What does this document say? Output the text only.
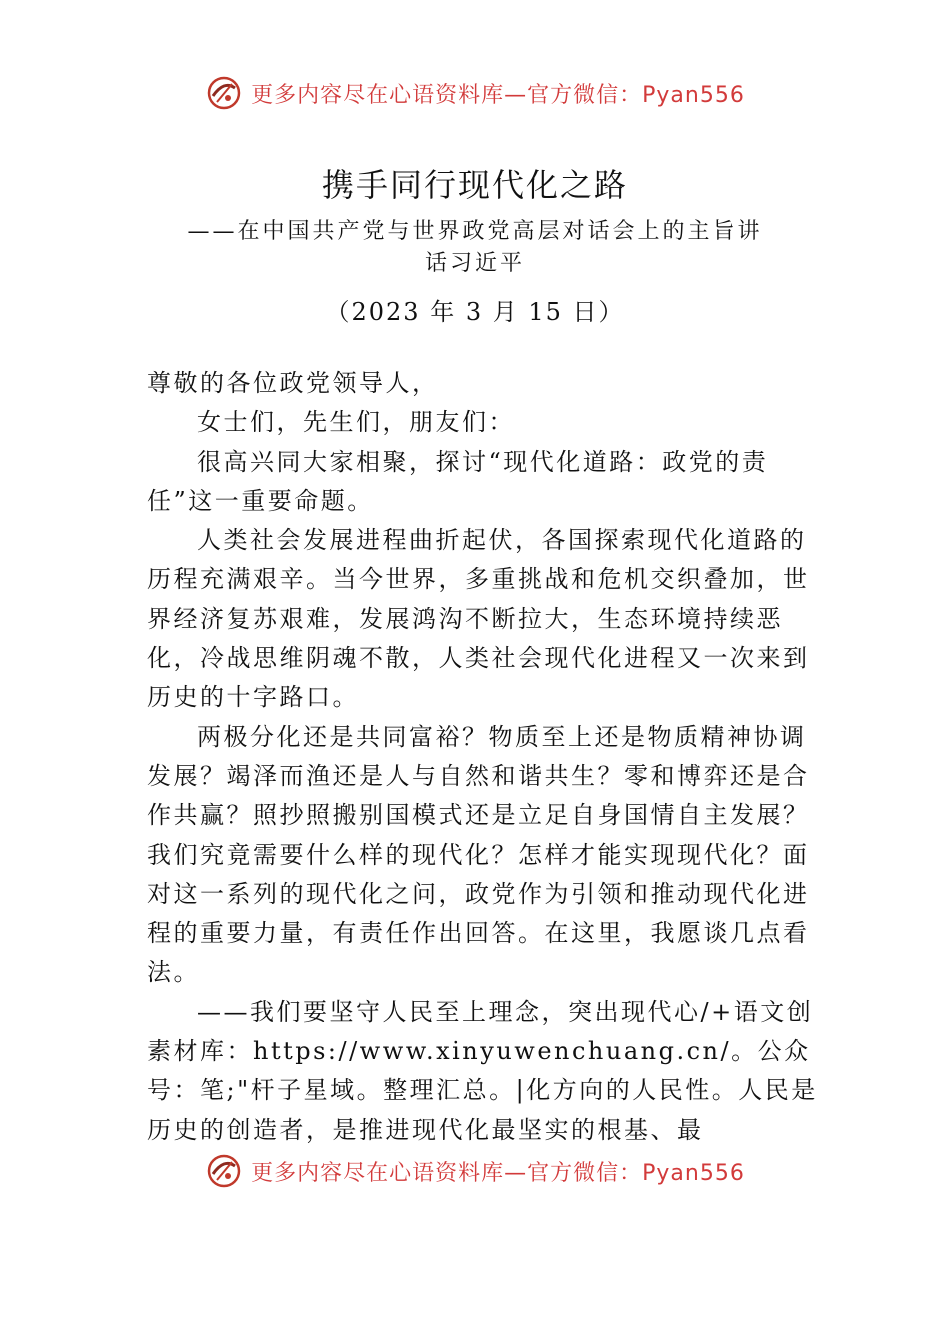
更多内容尽在心语资料库—官方微信：Pyan556
携手同行现代化之路

——在中国共产党与世界政党高层对话会上的主旨讲

话习近平

（2023 年 3 月 15 日）

尊敬的各位政党领导人，

女士们，先生们，朋友们：

很高兴同大家相聚，探讨“现代化道路：政党的责任”这一重要命题。

人类社会发展进程曲折起伏，各国探索现代化道路的历程充满艰辛。当今世界，多重挑战和危机交织叠加，世界经济复苏艰难，发展鸿沟不断拉大，生态环境持续恶化，冷战思维阴魂不散，人类社会现代化进程又一次来到历史的十字路口。

两极分化还是共同富裕？物质至上还是物质精神协调发展？竭泽而渔还是人与自然和谐共生？零和博弈还是合作共赢？照抄照搬别国模式还是立足自身国情自主发展？我们究竟需要什么样的现代化？怎样才能实现现代化？面对这一系列的现代化之问，政党作为引领和推动现代化进程的重要力量，有责任作出回答。在这里，我愿谈几点看法。

——我们要坚守人民至上理念，突出现代心/+语文创素材库：https://www.xinyuwenchuang.cn/。公众号：笔;"杆子星域。整理汇总。|化方向的人民性。人民是历史的创造者，是推进现代化最坚实的根基、最

更多内容尽在心语资料库—官方微信：Pyan556
